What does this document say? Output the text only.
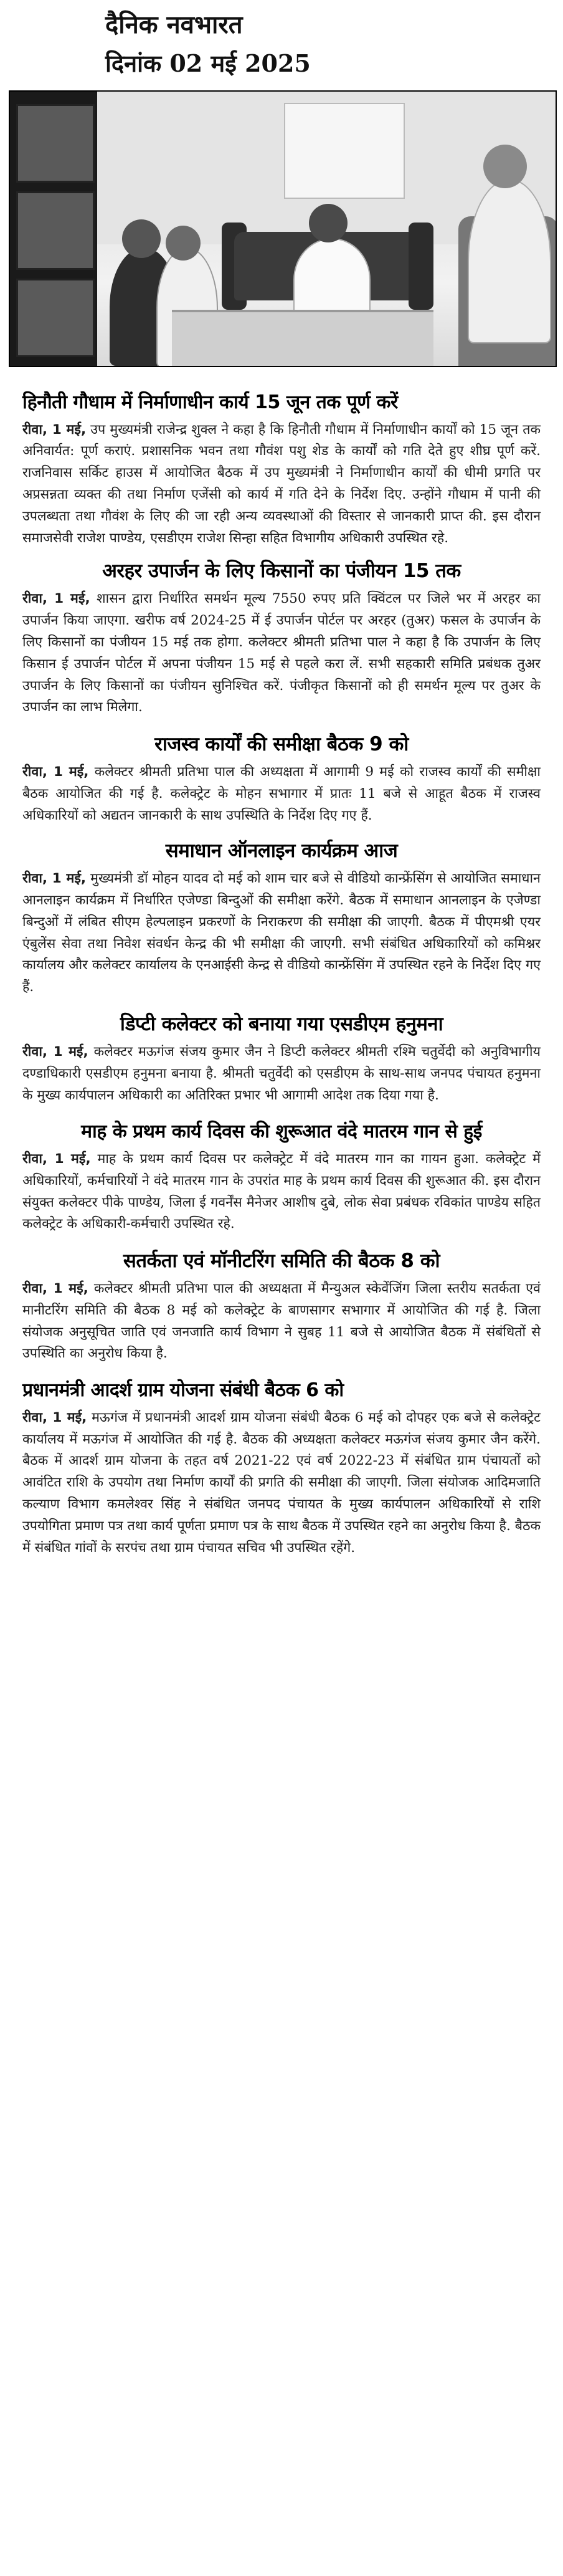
दैनिक नवभारत
दिनांक 02 मई 2025
हिनौती गौधाम में निर्माणाधीन कार्य 15 जून तक पूर्ण करें

रीवा, 1 मई, उप मुख्यमंत्री राजेन्द्र शुक्ल ने कहा है कि हिनौती गौधाम में निर्माणाधीन कार्यों को 15 जून तक अनिवार्यत: पूर्ण कराएं. प्रशासनिक भवन तथा गौवंश पशु शेड के कार्यों को गति देते हुए शीघ्र पूर्ण करें. राजनिवास सर्किट हाउस में आयोजित बैठक में उप मुख्यमंत्री ने निर्माणाधीन कार्यों की धीमी प्रगति पर अप्रसन्नता व्यक्त की तथा निर्माण एजेंसी को कार्य में गति देने के निर्देश दिए. उन्होंने गौधाम में पानी की उपलब्धता तथा गौवंश के लिए की जा रही अन्य व्यवस्थाओं की विस्तार से जानकारी प्राप्त की. इस दौरान समाजसेवी राजेश पाण्डेय, एसडीएम राजेश सिन्हा सहित विभागीय अधिकारी उपस्थित रहे.

अरहर उपार्जन के लिए किसानों का पंजीयन 15 तक

रीवा, 1 मई, शासन द्वारा निर्धारित समर्थन मूल्य 7550 रुपए प्रति क्विंटल पर जिले भर में अरहर का उपार्जन किया जाएगा. खरीफ वर्ष 2024-25 में ई उपार्जन पोर्टल पर अरहर (तुअर) फसल के उपार्जन के लिए किसानों का पंजीयन 15 मई तक होगा. कलेक्टर श्रीमती प्रतिभा पाल ने कहा है कि उपार्जन के लिए किसान ई उपार्जन पोर्टल में अपना पंजीयन 15 मई से पहले करा लें. सभी सहकारी समिति प्रबंधक तुअर उपार्जन के लिए किसानों का पंजीयन सुनिश्चित करें. पंजीकृत किसानों को ही समर्थन मूल्य पर तुअर के उपार्जन का लाभ मिलेगा.

राजस्व कार्यों की समीक्षा बैठक 9 को

रीवा, 1 मई, कलेक्टर श्रीमती प्रतिभा पाल की अध्यक्षता में आगामी 9 मई को राजस्व कार्यों की समीक्षा बैठक आयोजित की गई है. कलेक्ट्रेट के मोहन सभागार में प्रातः 11 बजे से आहूत बैठक में राजस्व अधिकारियों को अद्यतन जानकारी के साथ उपस्थिति के निर्देश दिए गए हैं.

समाधान ऑनलाइन कार्यक्रम आज

रीवा, 1 मई, मुख्यमंत्री डॉ मोहन यादव दो मई को शाम चार बजे से वीडियो कान्फ्रेंसिंग से आयोजित समाधान आनलाइन कार्यक्रम में निर्धारित एजेण्डा बिन्दुओं की समीक्षा करेंगे. बैठक में समाधान आनलाइन के एजेण्डा बिन्दुओं में लंबित सीएम हेल्पलाइन प्रकरणों के निराकरण की समीक्षा की जाएगी. बैठक में पीएमश्री एयर एंबुलेंस सेवा तथा निवेश संवर्धन केन्द्र की भी समीक्षा की जाएगी. सभी संबंधित अधिकारियों को कमिश्नर कार्यालय और कलेक्टर कार्यालय के एनआईसी केन्द्र से वीडियो कान्फ्रेंसिंग में उपस्थित रहने के निर्देश दिए गए हैं.

डिप्टी कलेक्टर को बनाया गया एसडीएम हनुमना

रीवा, 1 मई, कलेक्टर मऊगंज संजय कुमार जैन ने डिप्टी कलेक्टर श्रीमती रश्मि चतुर्वेदी को अनुविभागीय दण्डाधिकारी एसडीएम हनुमना बनाया है. श्रीमती चतुर्वेदी को एसडीएम के साथ-साथ जनपद पंचायत हनुमना के मुख्य कार्यपालन अधिकारी का अतिरिक्त प्रभार भी आगामी आदेश तक दिया गया है.

माह के प्रथम कार्य दिवस की शुरूआत वंदे मातरम गान से हुई

रीवा, 1 मई, माह के प्रथम कार्य दिवस पर कलेक्ट्रेट में वंदे मातरम गान का गायन हुआ. कलेक्ट्रेट में अधिकारियों, कर्मचारियों ने वंदे मातरम गान के उपरांत माह के प्रथम कार्य दिवस की शुरूआत की. इस दौरान संयुक्त कलेक्टर पीके पाण्डेय, जिला ई गवर्नेंस मैनेजर आशीष दुबे, लोक सेवा प्रबंधक रविकांत पाण्डेय सहित कलेक्ट्रेट के अधिकारी-कर्मचारी उपस्थित रहे.

सतर्कता एवं मॉनीटरिंग समिति की बैठक 8 को

रीवा, 1 मई, कलेक्टर श्रीमती प्रतिभा पाल की अध्यक्षता में मैन्युअल स्केवेंजिंग जिला स्तरीय सतर्कता एवं मानीटरिंग समिति की बैठक 8 मई को कलेक्ट्रेट के बाणसागर सभागार में आयोजित की गई है. जिला संयोजक अनुसूचित जाति एवं जनजाति कार्य विभाग ने सुबह 11 बजे से आयोजित बैठक में संबंधितों से उपस्थिति का अनुरोध किया है.

प्रधानमंत्री आदर्श ग्राम योजना संबंधी बैठक 6 को

रीवा, 1 मई, मऊगंज में प्रधानमंत्री आदर्श ग्राम योजना संबंधी बैठक 6 मई को दोपहर एक बजे से कलेक्ट्रेट कार्यालय में मऊगंज में आयोजित की गई है. बैठक की अध्यक्षता कलेक्टर मऊगंज संजय कुमार जैन करेंगे. बैठक में आदर्श ग्राम योजना के तहत वर्ष 2021-22 एवं वर्ष 2022-23 में संबंधित ग्राम पंचायतों को आवंटित राशि के उपयोग तथा निर्माण कार्यों की प्रगति की समीक्षा की जाएगी. जिला संयोजक आदिमजाति कल्याण विभाग कमलेश्वर सिंह ने संबंधित जनपद पंचायत के मुख्य कार्यपालन अधिकारियों से राशि उपयोगिता प्रमाण पत्र तथा कार्य पूर्णता प्रमाण पत्र के साथ बैठक में उपस्थित रहने का अनुरोध किया है. बैठक में संबंधित गांवों के सरपंच तथा ग्राम पंचायत सचिव भी उपस्थित रहेंगे.
